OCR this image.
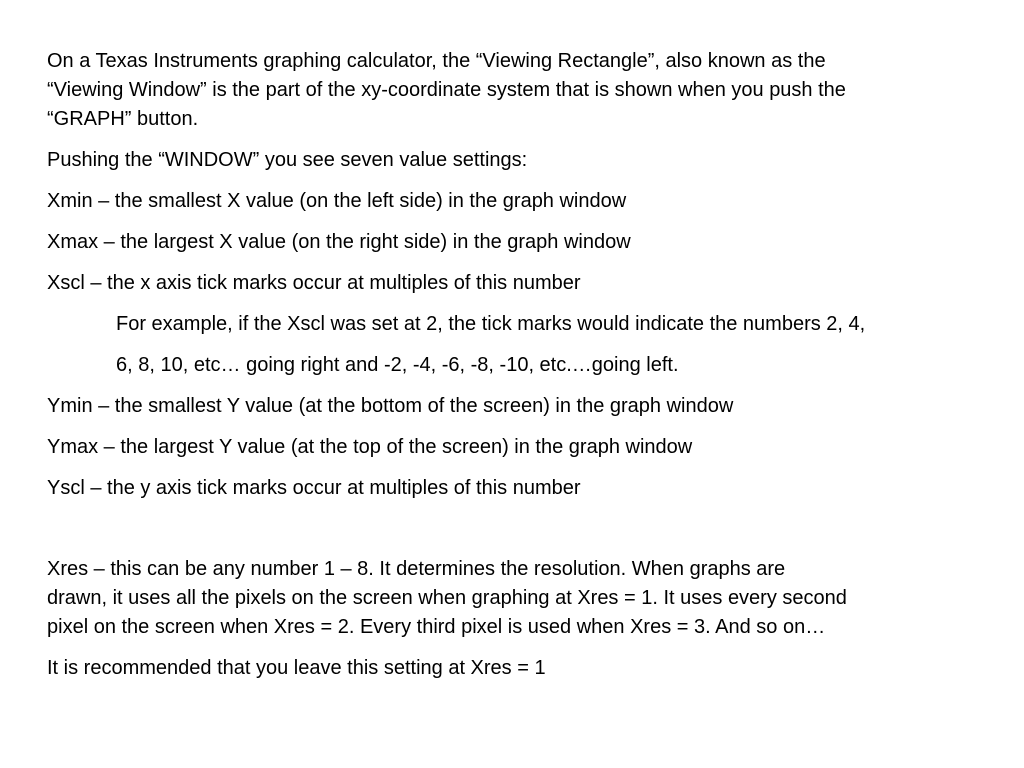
On a Texas Instruments graphing calculator, the “Viewing Rectangle”, also known as the

“Viewing Window” is the part of the xy-coordinate system that is shown when you push the

“GRAPH” button.

Pushing the “WINDOW” you see seven value settings:

Xmin – the smallest X value (on the left side) in the graph window

Xmax – the largest X value (on the right side) in the graph window

Xscl – the x axis tick marks occur at multiples of this number

For example, if the Xscl was set at 2, the tick marks would indicate the numbers 2, 4,

6, 8, 10, etc… going right and -2, -4, -6, -8, -10, etc.…going left.

Ymin – the smallest Y value (at the bottom of the screen) in the graph window

Ymax – the largest Y value (at the top of the screen) in the graph window

Yscl – the y axis tick marks occur at multiples of this number

Xres – this can be any number 1 – 8. It determines the resolution. When graphs are

drawn, it uses all the pixels on the screen when graphing at Xres = 1. It uses every second

pixel on the screen when Xres = 2. Every third pixel is used when Xres = 3. And so on…

It is recommended that you leave this setting at Xres = 1
